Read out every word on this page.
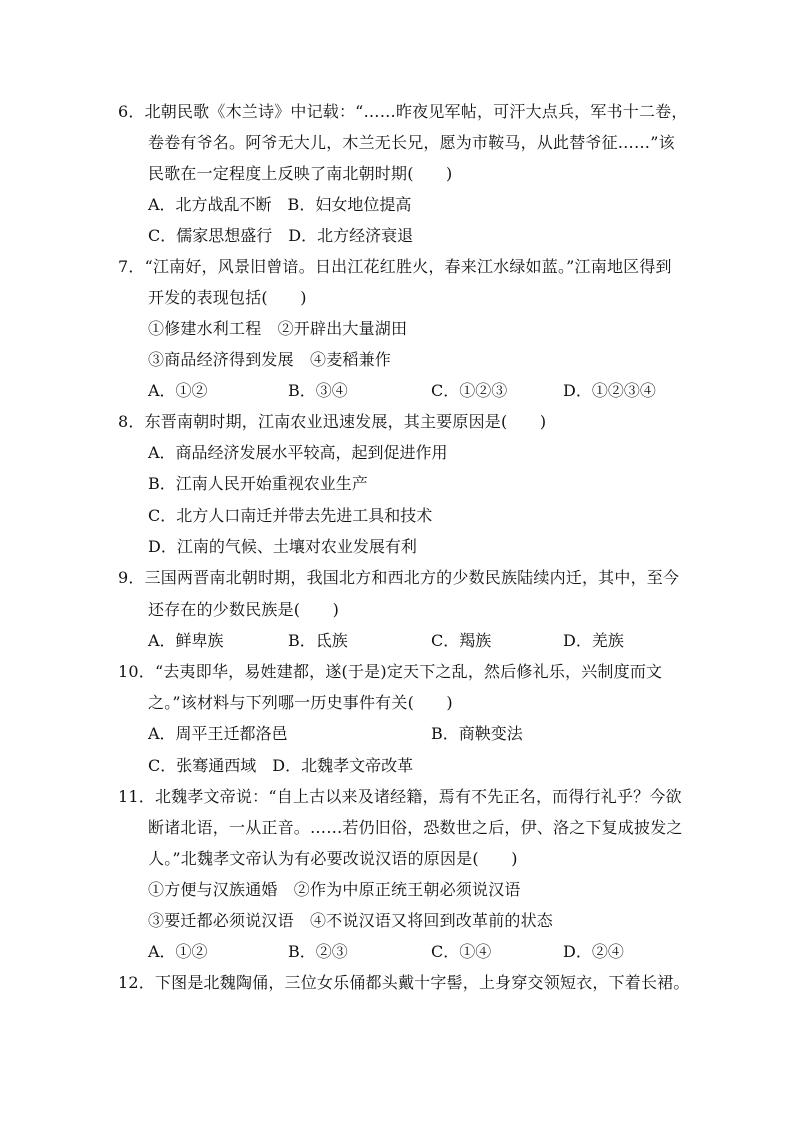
6．北朝民歌《木兰诗》中记载：“……昨夜见军帖，可汗大点兵，军书十二卷，
卷卷有爷名。阿爷无大儿，木兰无长兄，愿为市鞍马，从此替爷征……”该
民歌在一定程度上反映了南北朝时期(　　)
A．北方战乱不断　B．妇女地位提高
C．儒家思想盛行　D．北方经济衰退
7．“江南好，风景旧曾谙。日出江花红胜火，春来江水绿如蓝。”江南地区得到
开发的表现包括(　　)
①修建水利工程　②开辟出大量湖田
③商品经济得到发展　④麦稻兼作
A．①②	B．③④	C．①②③	D．①②③④
8．东晋南朝时期，江南农业迅速发展，其主要原因是(　　)
A．商品经济发展水平较高，起到促进作用
B．江南人民开始重视农业生产
C．北方人口南迁并带去先进工具和技术
D．江南的气候、土壤对农业发展有利
9．三国两晋南北朝时期，我国北方和西北方的少数民族陆续内迁，其中，至今
还存在的少数民族是(　　)
A．鲜卑族	B．氐族	C．羯族	D．羌族
10．“去夷即华，易姓建都，遂(于是)定天下之乱，然后修礼乐，兴制度而文
之。”该材料与下列哪一历史事件有关(　　)
A．周平王迁都洛邑	B．商鞅变法
C．张骞通西域　D．北魏孝文帝改革
11．北魏孝文帝说：“自上古以来及诸经籍，焉有不先正名，而得行礼乎？今欲
断诸北语，一从正音。……若仍旧俗，恐数世之后，伊、洛之下复成披发之
人。”北魏孝文帝认为有必要改说汉语的原因是(　　)
①方便与汉族通婚　②作为中原正统王朝必须说汉语
③要迁都必须说汉语　④不说汉语又将回到改革前的状态
A．①②	B．②③	C．①④	D．②④
12．下图是北魏陶俑，三位女乐俑都头戴十字髻，上身穿交领短衣，下着长裙。
